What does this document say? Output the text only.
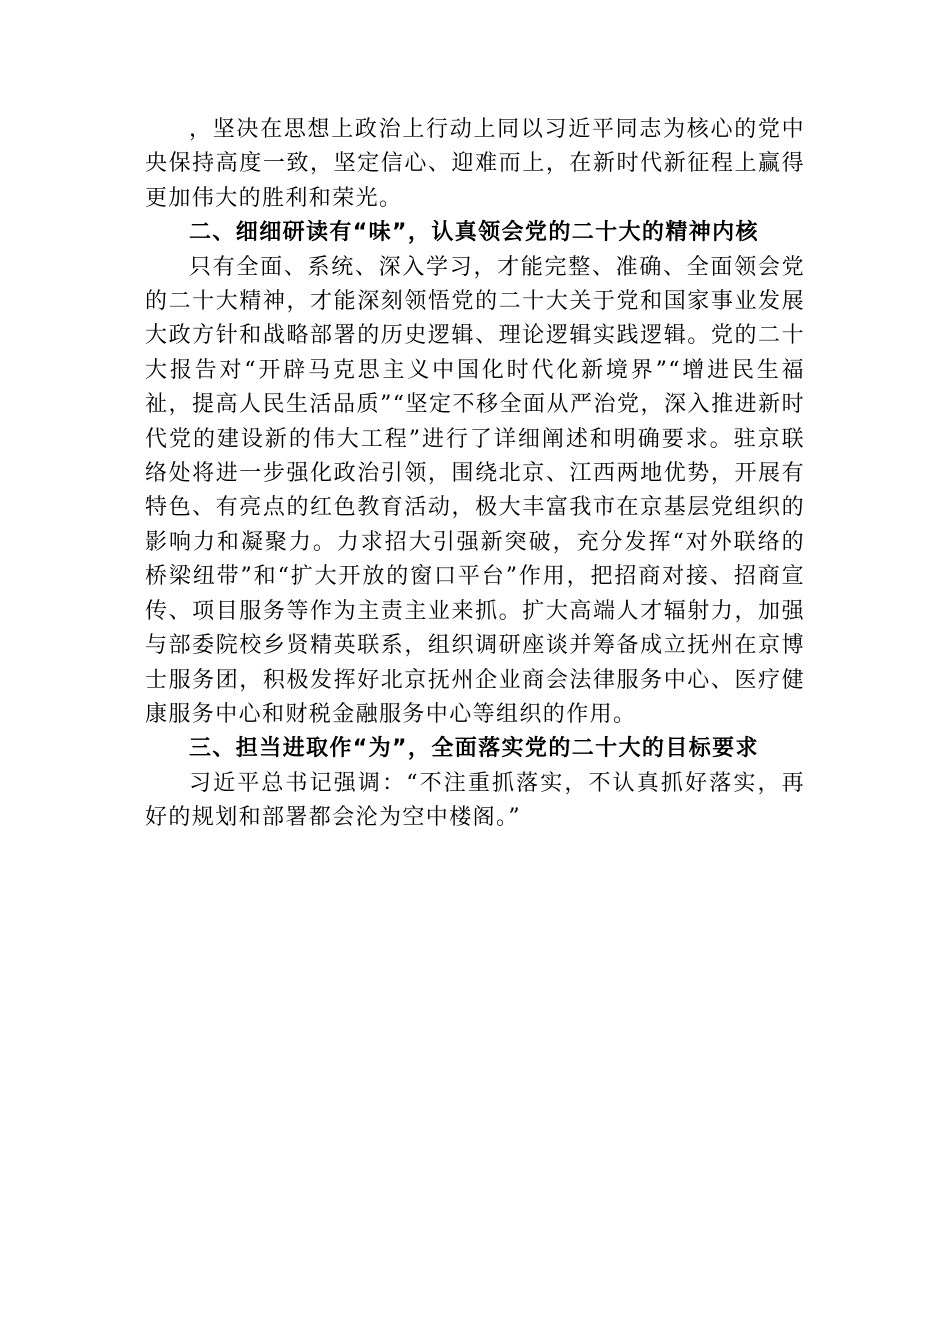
，坚决在思想上政治上行动上同以习近平同志为核心的党中央保持高度一致，坚定信心、迎难而上，在新时代新征程上赢得更加伟大的胜利和荣光。

二、细细研读有“味”，认真领会党的二十大的精神内核

只有全面、系统、深入学习，才能完整、准确、全面领会党的二十大精神，才能深刻领悟党的二十大关于党和国家事业发展大政方针和战略部署的历史逻辑、理论逻辑实践逻辑。党的二十大报告对“开辟马克思主义中国化时代化新境界”“增进民生福祉，提高人民生活品质”“坚定不移全面从严治党，深入推进新时代党的建设新的伟大工程”进行了详细阐述和明确要求。驻京联络处将进一步强化政治引领，围绕北京、江西两地优势，开展有特色、有亮点的红色教育活动，极大丰富我市在京基层党组织的影响力和凝聚力。力求招大引强新突破，充分发挥“对外联络的桥梁纽带”和“扩大开放的窗口平台”作用，把招商对接、招商宣传、项目服务等作为主责主业来抓。扩大高端人才辐射力，加强与部委院校乡贤精英联系，组织调研座谈并筹备成立抚州在京博士服务团，积极发挥好北京抚州企业商会法律服务中心、医疗健康服务中心和财税金融服务中心等组织的作用。

三、担当进取作“为”，全面落实党的二十大的目标要求

习近平总书记强调：“不注重抓落实，不认真抓好落实，再好的规划和部署都会沦为空中楼阁。”
